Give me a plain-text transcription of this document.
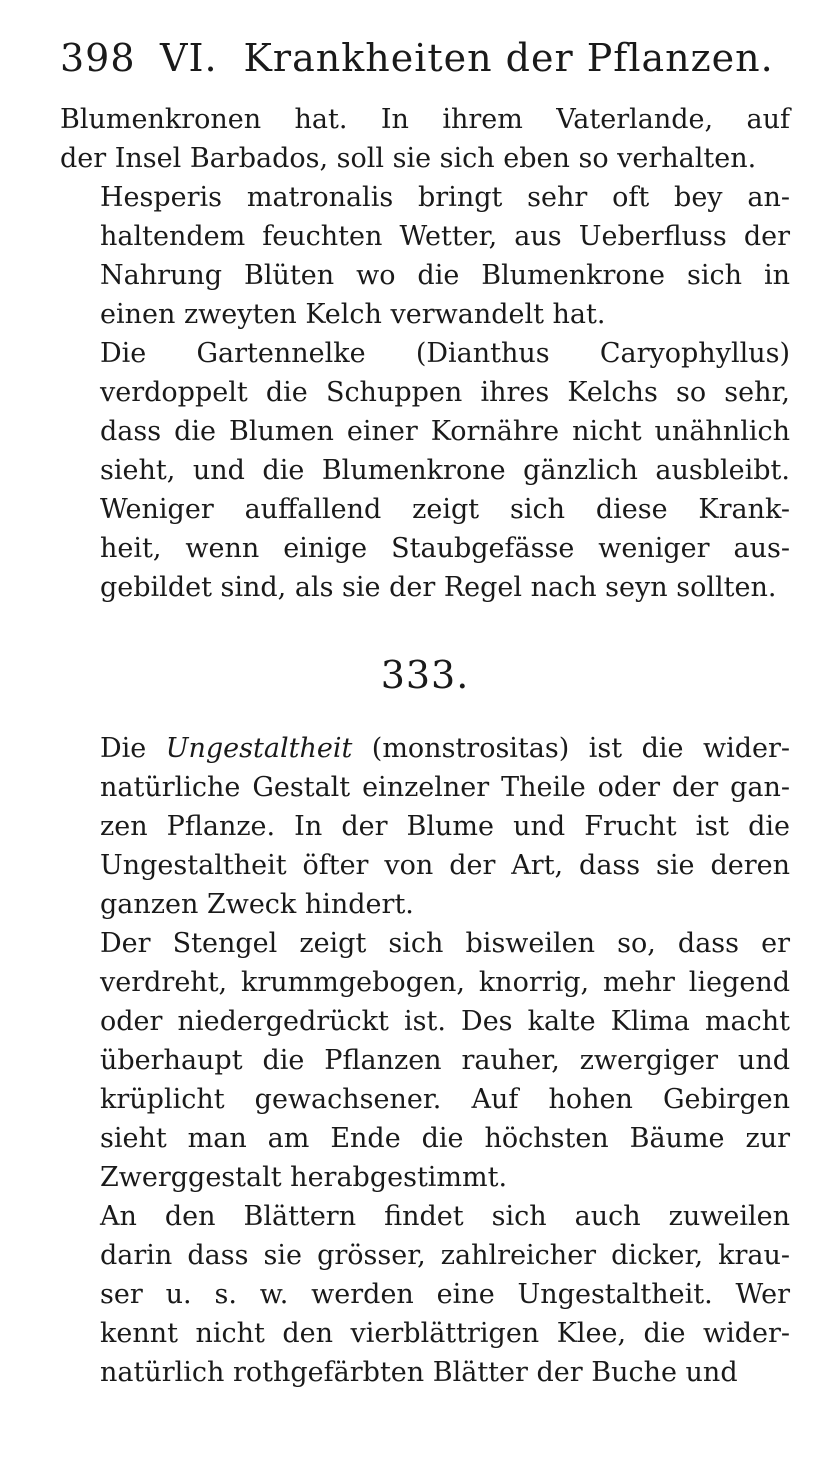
398 VI. Krankheiten der Pflanzen.

Blumenkronen hat. In ihrem Vaterlande, auf
der Insel Barbados, soll sie sich eben so verhalten.

Hesperis matronalis bringt sehr oft bey an-
haltendem feuchten Wetter, aus Ueberfluss der
Nahrung Blüten wo die Blumenkrone sich in
einen zweyten Kelch verwandelt hat.

Die Gartennelke (Dianthus Caryophyllus)
verdoppelt die Schuppen ihres Kelchs so sehr,
dass die Blumen einer Kornähre nicht unähnlich
sieht, und die Blumenkrone gänzlich ausbleibt.
Weniger auffallend zeigt sich diese Krank-
heit, wenn einige Staubgefässe weniger aus-
gebildet sind, als sie der Regel nach seyn sollten.

333.

Die Ungestaltheit (monstrositas) ist die wider-
natürliche Gestalt einzelner Theile oder der gan-
zen Pflanze. In der Blume und Frucht ist die
Ungestaltheit öfter von der Art, dass sie deren
ganzen Zweck hindert.

Der Stengel zeigt sich bisweilen so, dass er
verdreht, krummgebogen, knorrig, mehr liegend
oder niedergedrückt ist. Des kalte Klima macht
überhaupt die Pflanzen rauher, zwergiger und
krüplicht gewachsener. Auf hohen Gebirgen
sieht man am Ende die höchsten Bäume zur
Zwerggestalt herabgestimmt.

An den Blättern findet sich auch zuweilen
darin dass sie grösser, zahlreicher dicker, krau-
ser u. s. w. werden eine Ungestaltheit. Wer
kennt nicht den vierblättrigen Klee, die wider-
natürlich rothgefärbten Blätter der Buche und
